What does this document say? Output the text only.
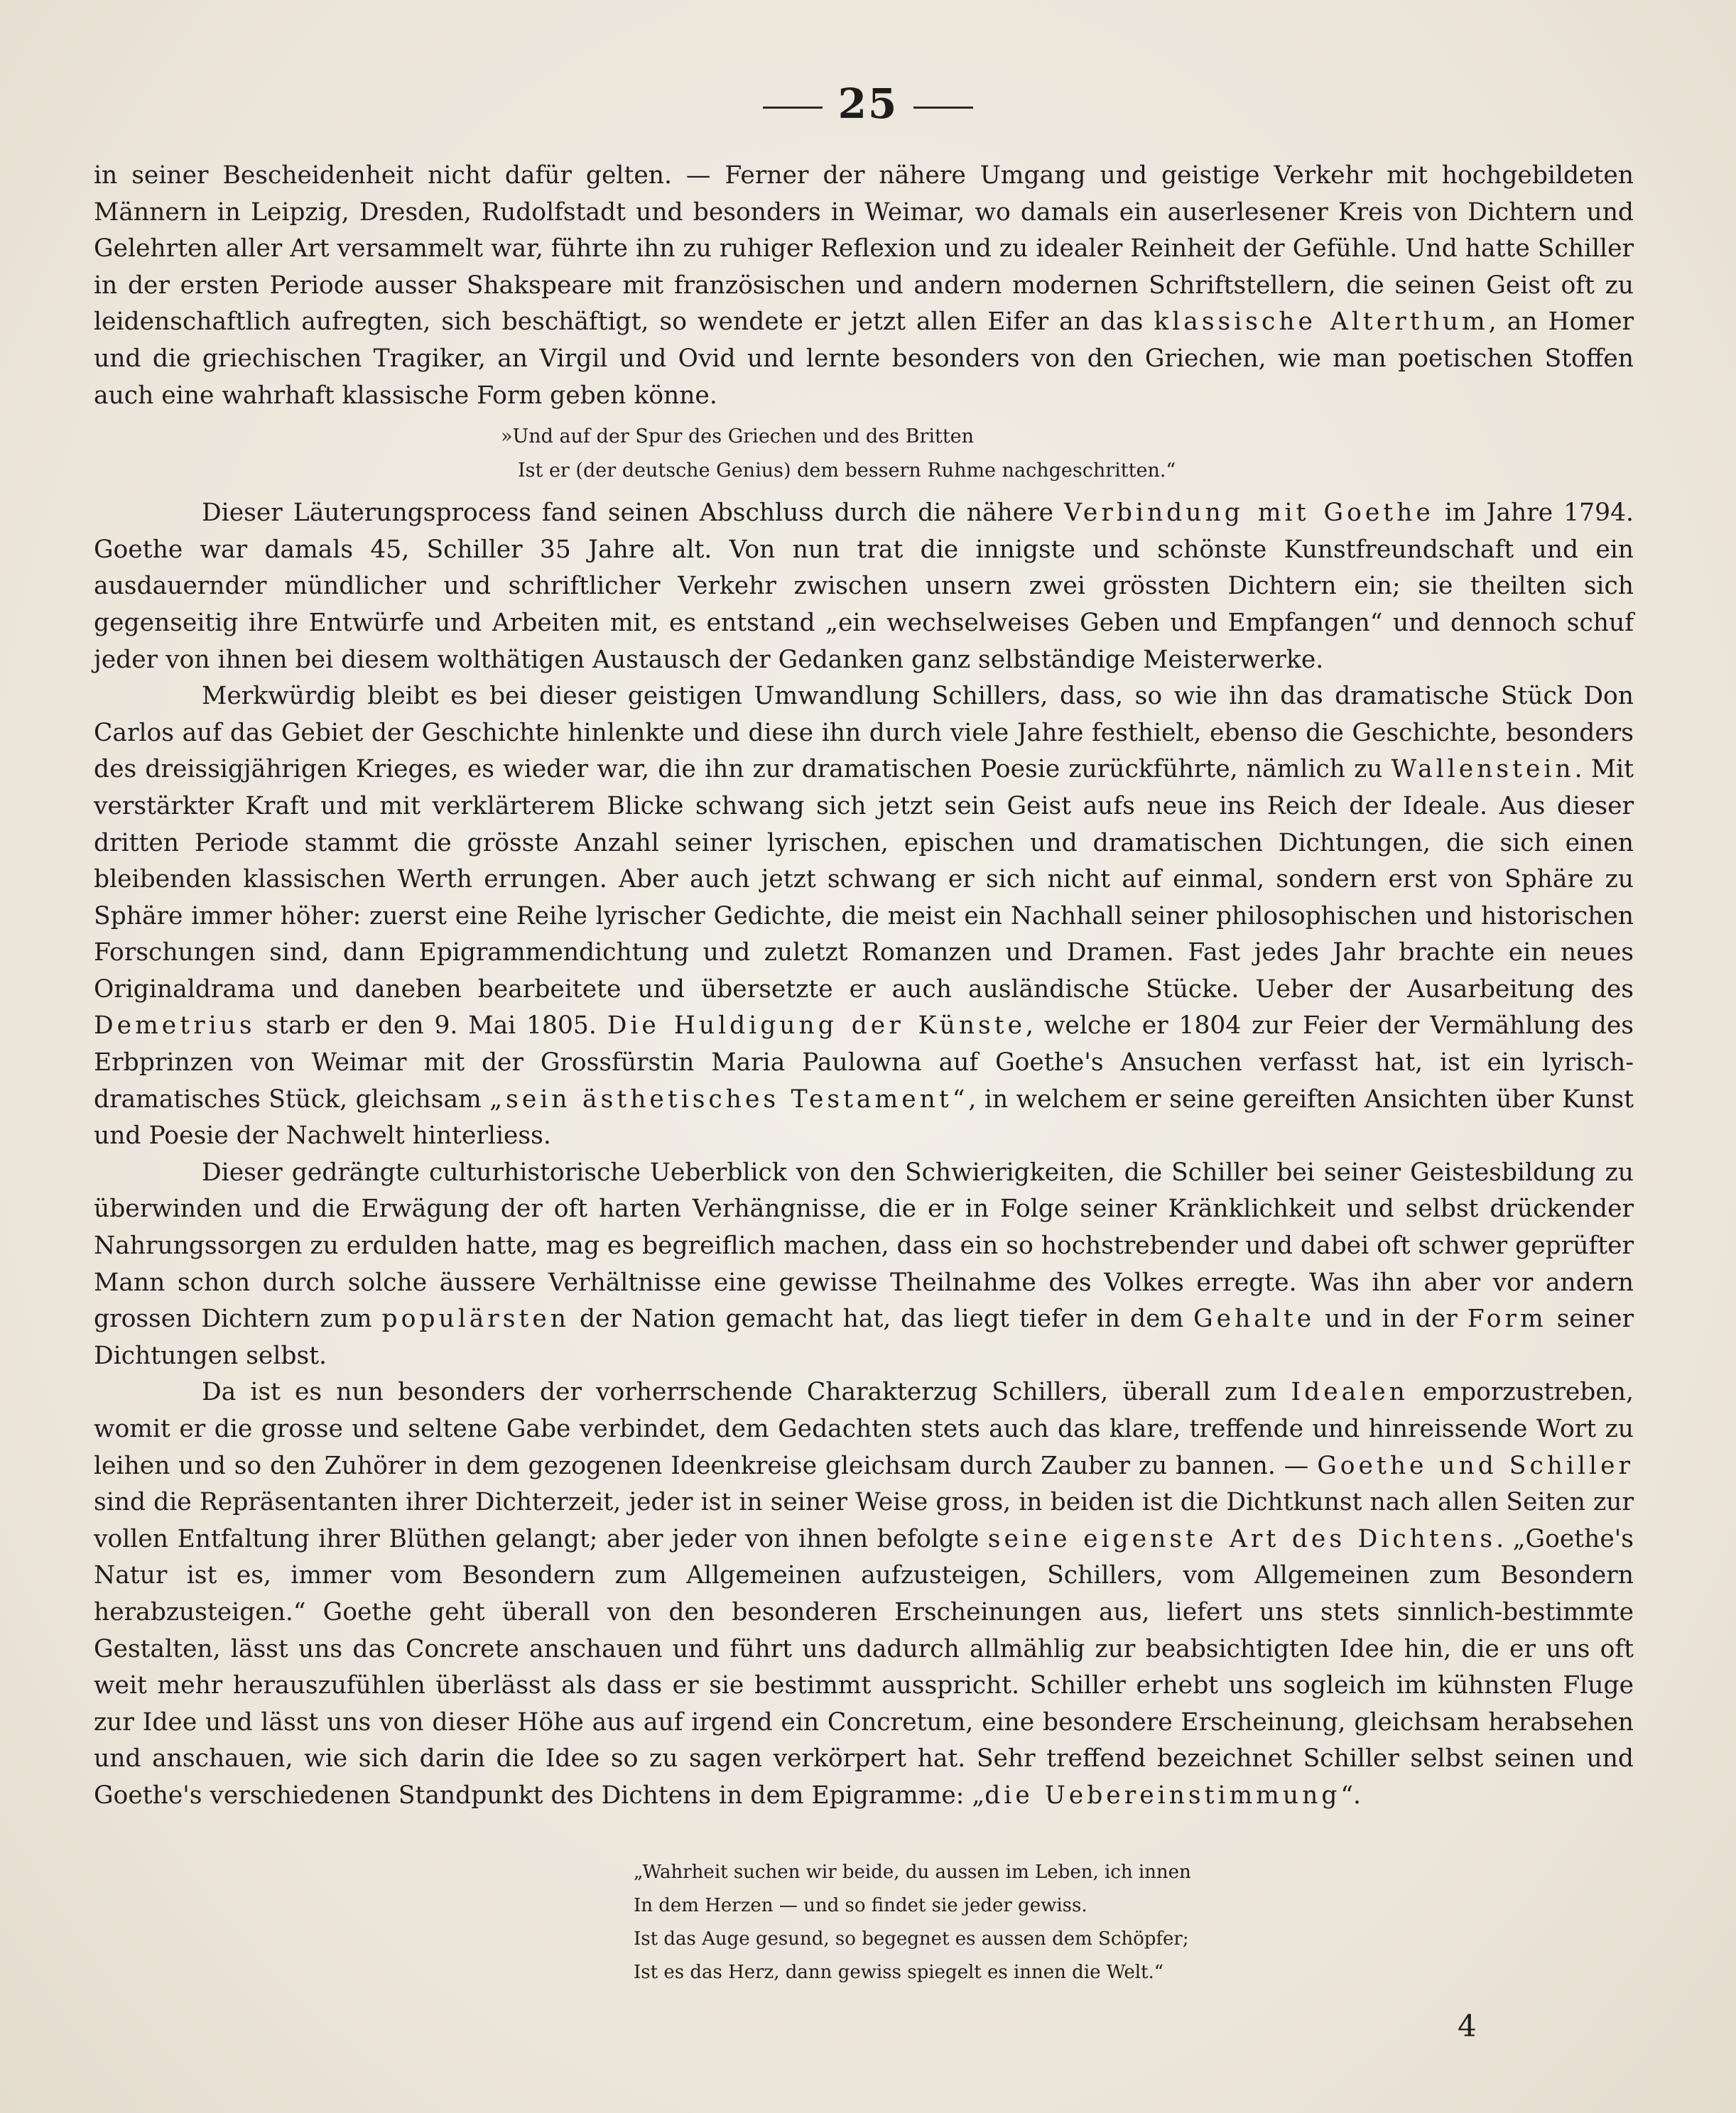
25

in seiner Bescheidenheit nicht dafür gelten. — Ferner der nähere Umgang und geistige Verkehr mit hochgebildeten Männern in Leipzig, Dresden, Rudolfstadt und besonders in Weimar, wo damals ein auserlesener Kreis von Dichtern und Gelehrten aller Art versammelt war, führte ihn zu ruhiger Reflexion und zu idealer Reinheit der Gefühle. Und hatte Schiller in der ersten Periode ausser Shakspeare mit französischen und andern modernen Schriftstellern, die seinen Geist oft zu leidenschaftlich aufregten, sich beschäftigt, so wendete er jetzt allen Eifer an das klassische Alterthum, an Homer und die griechischen Tragiker, an Virgil und Ovid und lernte besonders von den Griechen, wie man poetischen Stoffen auch eine wahrhaft klassische Form geben könne.

»Und auf der Spur des Griechen und des Britten
Ist er (der deutsche Genius) dem bessern Ruhme nachgeschritten.“

Dieser Läuterungsprocess fand seinen Abschluss durch die nähere Verbindung mit Goethe im Jahre 1794. Goethe war damals 45, Schiller 35 Jahre alt. Von nun trat die innigste und schönste Kunstfreundschaft und ein ausdauernder mündlicher und schriftlicher Verkehr zwischen unsern zwei grössten Dichtern ein; sie theilten sich gegenseitig ihre Entwürfe und Arbeiten mit, es entstand „ein wechselweises Geben und Empfangen“ und dennoch schuf jeder von ihnen bei diesem wolthätigen Austausch der Gedanken ganz selbständige Meisterwerke.

Merkwürdig bleibt es bei dieser geistigen Umwandlung Schillers, dass, so wie ihn das dramatische Stück Don Carlos auf das Gebiet der Geschichte hinlenkte und diese ihn durch viele Jahre festhielt, ebenso die Geschichte, besonders des dreissigjährigen Krieges, es wieder war, die ihn zur dramatischen Poesie zurückführte, nämlich zu Wallenstein. Mit verstärkter Kraft und mit verklärterem Blicke schwang sich jetzt sein Geist aufs neue ins Reich der Ideale. Aus dieser dritten Periode stammt die grösste Anzahl seiner lyrischen, epischen und dramatischen Dichtungen, die sich einen bleibenden klassischen Werth errungen. Aber auch jetzt schwang er sich nicht auf einmal, sondern erst von Sphäre zu Sphäre immer höher: zuerst eine Reihe lyrischer Gedichte, die meist ein Nachhall seiner philosophischen und historischen Forschungen sind, dann Epigrammendichtung und zuletzt Romanzen und Dramen. Fast jedes Jahr brachte ein neues Originaldrama und daneben bearbeitete und übersetzte er auch ausländische Stücke. Ueber der Ausarbeitung des Demetrius starb er den 9. Mai 1805. Die Huldigung der Künste, welche er 1804 zur Feier der Vermählung des Erbprinzen von Weimar mit der Grossfürstin Maria Paulowna auf Goethe's Ansuchen verfasst hat, ist ein lyrisch-dramatisches Stück, gleichsam „sein ästhetisches Testament“, in welchem er seine gereiften Ansichten über Kunst und Poesie der Nachwelt hinterliess.

Dieser gedrängte culturhistorische Ueberblick von den Schwierigkeiten, die Schiller bei seiner Geistesbildung zu überwinden und die Erwägung der oft harten Verhängnisse, die er in Folge seiner Kränklichkeit und selbst drückender Nahrungssorgen zu erdulden hatte, mag es begreiflich machen, dass ein so hochstrebender und dabei oft schwer geprüfter Mann schon durch solche äussere Verhältnisse eine gewisse Theilnahme des Volkes erregte. Was ihn aber vor andern grossen Dichtern zum populärsten der Nation gemacht hat, das liegt tiefer in dem Gehalte und in der Form seiner Dichtungen selbst.

Da ist es nun besonders der vorherrschende Charakterzug Schillers, überall zum Idealen emporzustreben, womit er die grosse und seltene Gabe verbindet, dem Gedachten stets auch das klare, treffende und hinreissende Wort zu leihen und so den Zuhörer in dem gezogenen Ideenkreise gleichsam durch Zauber zu bannen. — Goethe und Schiller sind die Repräsentanten ihrer Dichterzeit, jeder ist in seiner Weise gross, in beiden ist die Dichtkunst nach allen Seiten zur vollen Entfaltung ihrer Blüthen gelangt; aber jeder von ihnen befolgte seine eigenste Art des Dichtens. „Goethe's Natur ist es, immer vom Besondern zum Allgemeinen aufzusteigen, Schillers, vom Allgemeinen zum Besondern herabzusteigen.“ Goethe geht überall von den besonderen Erscheinungen aus, liefert uns stets sinnlich-bestimmte Gestalten, lässt uns das Concrete anschauen und führt uns dadurch allmählig zur beabsichtigten Idee hin, die er uns oft weit mehr herauszufühlen überlässt als dass er sie bestimmt ausspricht. Schiller erhebt uns sogleich im kühnsten Fluge zur Idee und lässt uns von dieser Höhe aus auf irgend ein Concretum, eine besondere Erscheinung, gleichsam herabsehen und anschauen, wie sich darin die Idee so zu sagen verkörpert hat. Sehr treffend bezeichnet Schiller selbst seinen und Goethe's verschiedenen Standpunkt des Dichtens in dem Epigramme: „die Uebereinstimmung“.

„Wahrheit suchen wir beide, du aussen im Leben, ich innen
In dem Herzen — und so findet sie jeder gewiss.
Ist das Auge gesund, so begegnet es aussen dem Schöpfer;
Ist es das Herz, dann gewiss spiegelt es innen die Welt.“
4
